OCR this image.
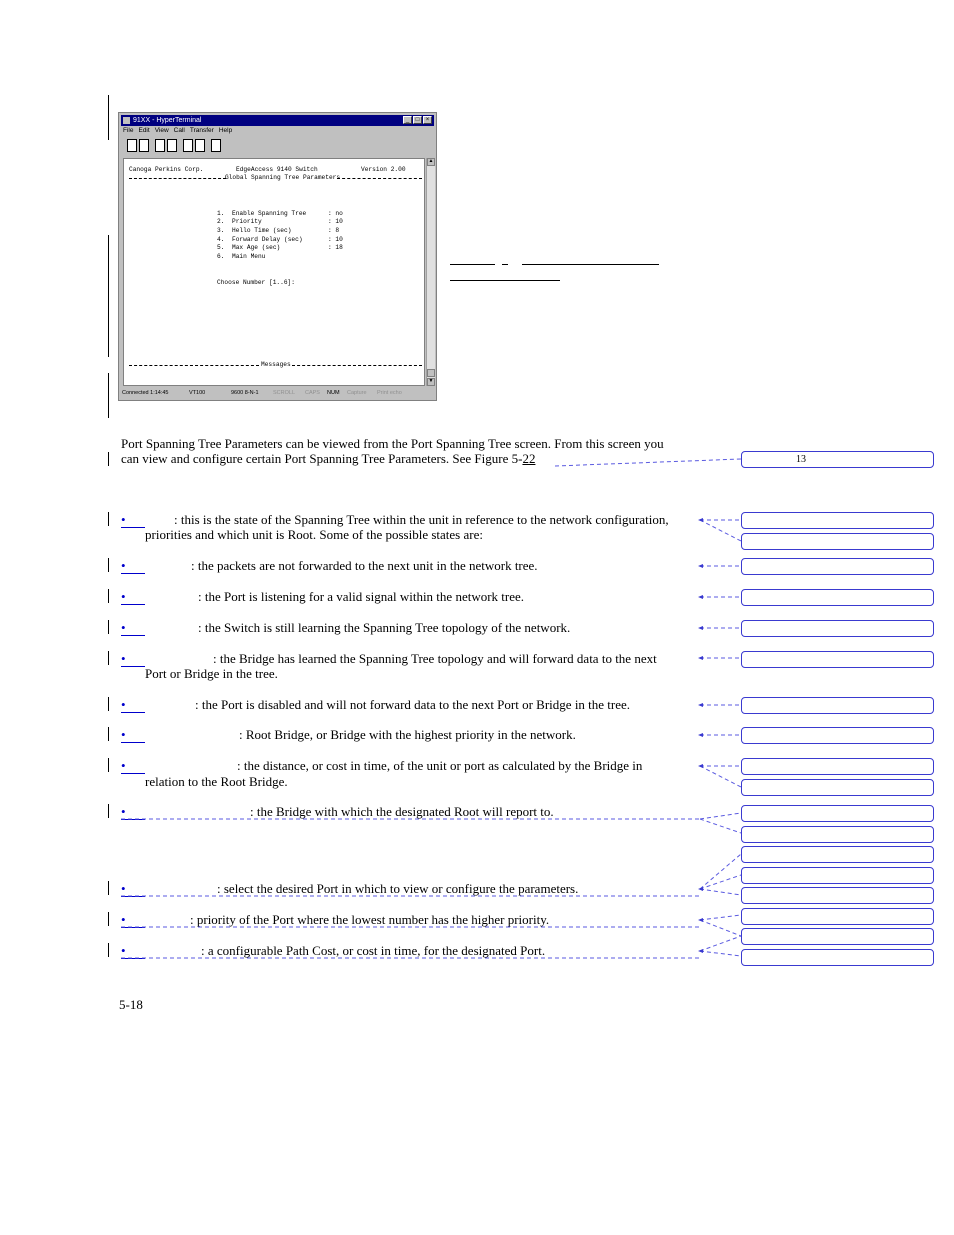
91XX - HyperTerminal	_	□	×
File Edit View Call Transfer Help
Canoga Perkins Corp.	EdgeAccess 9140 Switch	Version 2.00
Global Spanning Tree Parameters
1. Enable Spanning Tree	: no
2. Priority	: 10
3. Hello Time (sec)	: 8
4. Forward Delay (sec)	: 10
5. Max Age (sec)	: 18
6. Main Menu
Choose Number [1..6]:
Messages
▲
▼
Connected 1:14:45	VT100	9600 8-N-1	SCROLL CAPS NUM Capture Print echo
Port Spanning Tree Parameters can be viewed from the Port Spanning Tree screen. From this screen you
can view and configure certain Port Spanning Tree Parameters. See Figure 5-22
•	: this is the state of the Spanning Tree within the unit in reference to the network configuration,
priorities and which unit is Root. Some of the possible states are:
•	: the packets are not forwarded to the next unit in the network tree.
•	: the Port is listening for a valid signal within the network tree.
•	: the Switch is still learning the Spanning Tree topology of the network.
•	: the Bridge has learned the Spanning Tree topology and will forward data to the next
Port or Bridge in the tree.
•	: the Port is disabled and will not forward data to the next Port or Bridge in the tree.
•	: Root Bridge, or Bridge with the highest priority in the network.
•	: the distance, or cost in time, of the unit or port as calculated by the Bridge in
relation to the Root Bridge.
•	: the Bridge with which the designated Root will report to.
•	: select the desired Port in which to view or configure the parameters.
•	: priority of the Port where the lowest number has the higher priority.
•	: a configurable Path Cost, or cost in time, for the designated Port.
13
5-18
